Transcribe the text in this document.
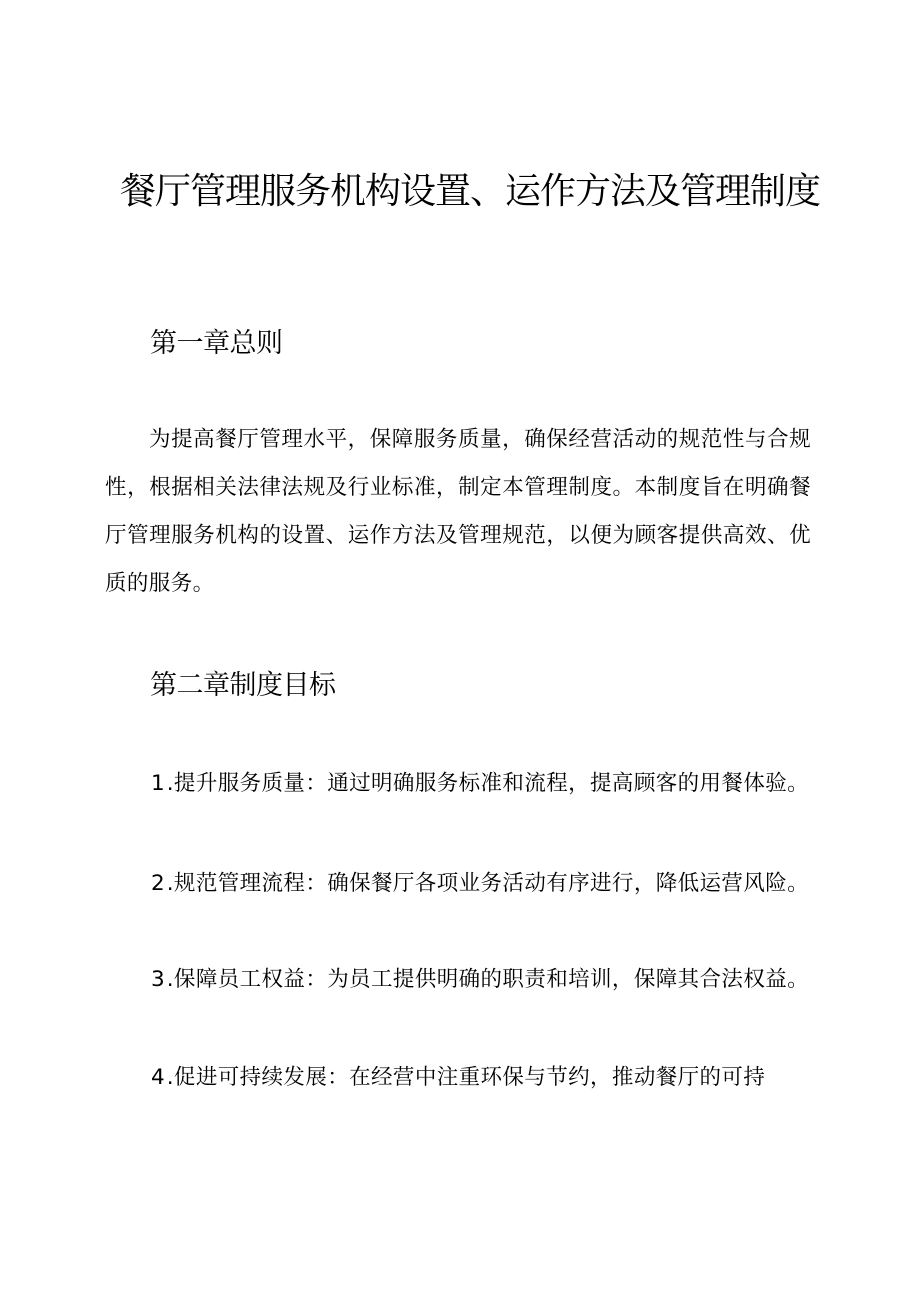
餐厅管理服务机构设置、运作方法及管理制度
第一章总则

为提高餐厅管理水平，保障服务质量，确保经营活动的规范性与合规性，根据相关法律法规及行业标准，制定本管理制度。本制度旨在明确餐厅管理服务机构的设置、运作方法及管理规范，以便为顾客提供高效、优质的服务。

第二章制度目标

1.提升服务质量：通过明确服务标准和流程，提高顾客的用餐体验。

2.规范管理流程：确保餐厅各项业务活动有序进行，降低运营风险。

3.保障员工权益：为员工提供明确的职责和培训，保障其合法权益。

4.促进可持续发展：在经营中注重环保与节约，推动餐厅的可持
